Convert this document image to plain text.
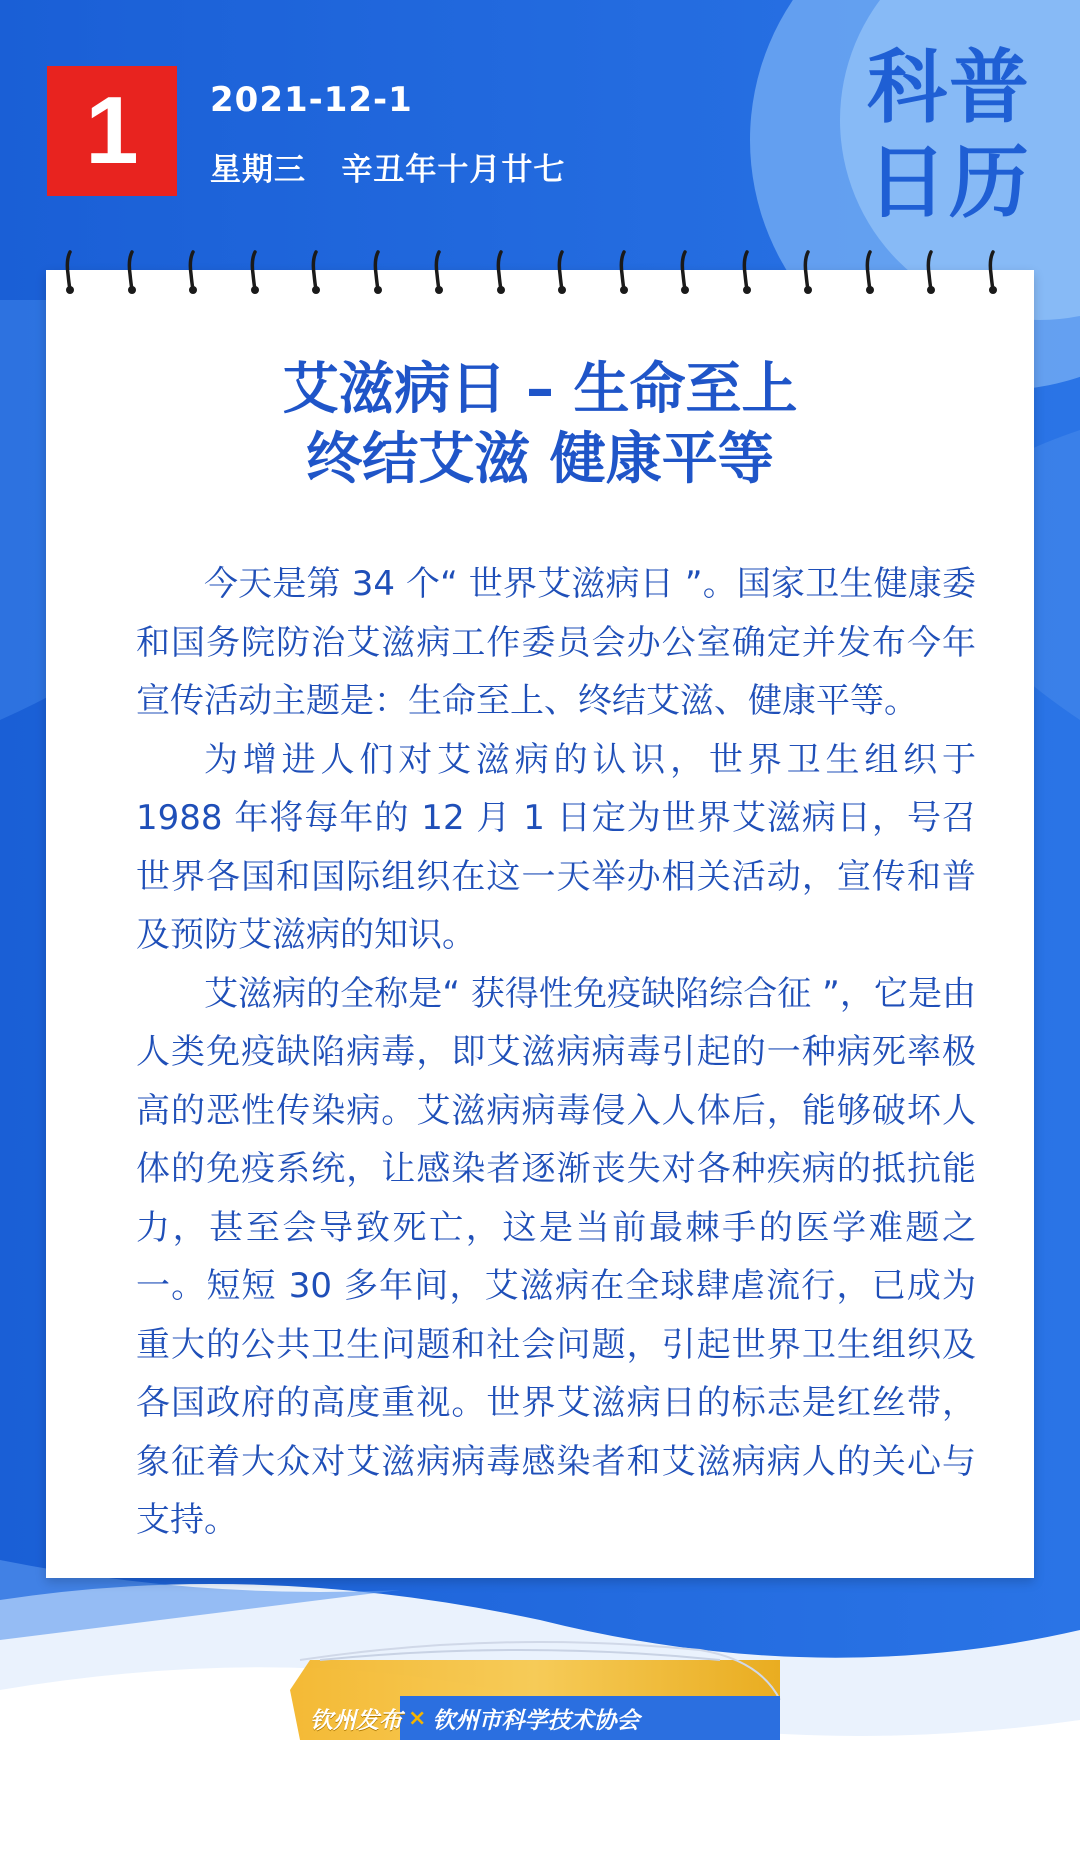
1	2021-12-1
星期三   辛丑年十月廿七
科普
日历
艾滋病日 – 生命至上
终结艾滋 健康平等

今天是第 34 个“ 世界艾滋病日 ”。国家卫生健康委和国务院防治艾滋病工作委员会办公室确定并发布今年宣传活动主题是：生命至上、终结艾滋、健康平等。

为增进人们对艾滋病的认识，世界卫生组织于 1988 年将每年的 12 月 1 日定为世界艾滋病日，号召世界各国和国际组织在这一天举办相关活动，宣传和普及预防艾滋病的知识。

艾滋病的全称是“ 获得性免疫缺陷综合征 ”，它是由人类免疫缺陷病毒，即艾滋病病毒引起的一种病死率极高的恶性传染病。艾滋病病毒侵入人体后，能够破坏人体的免疫系统，让感染者逐渐丧失对各种疾病的抵抗能力，甚至会导致死亡，这是当前最棘手的医学难题之一。短短 30 多年间，艾滋病在全球肆虐流行，已成为重大的公共卫生问题和社会问题，引起世界卫生组织及各国政府的高度重视。世界艾滋病日的标志是红丝带，象征着大众对艾滋病病毒感染者和艾滋病病人的关心与支持。

钦州发布 × 钦州市科学技术协会
